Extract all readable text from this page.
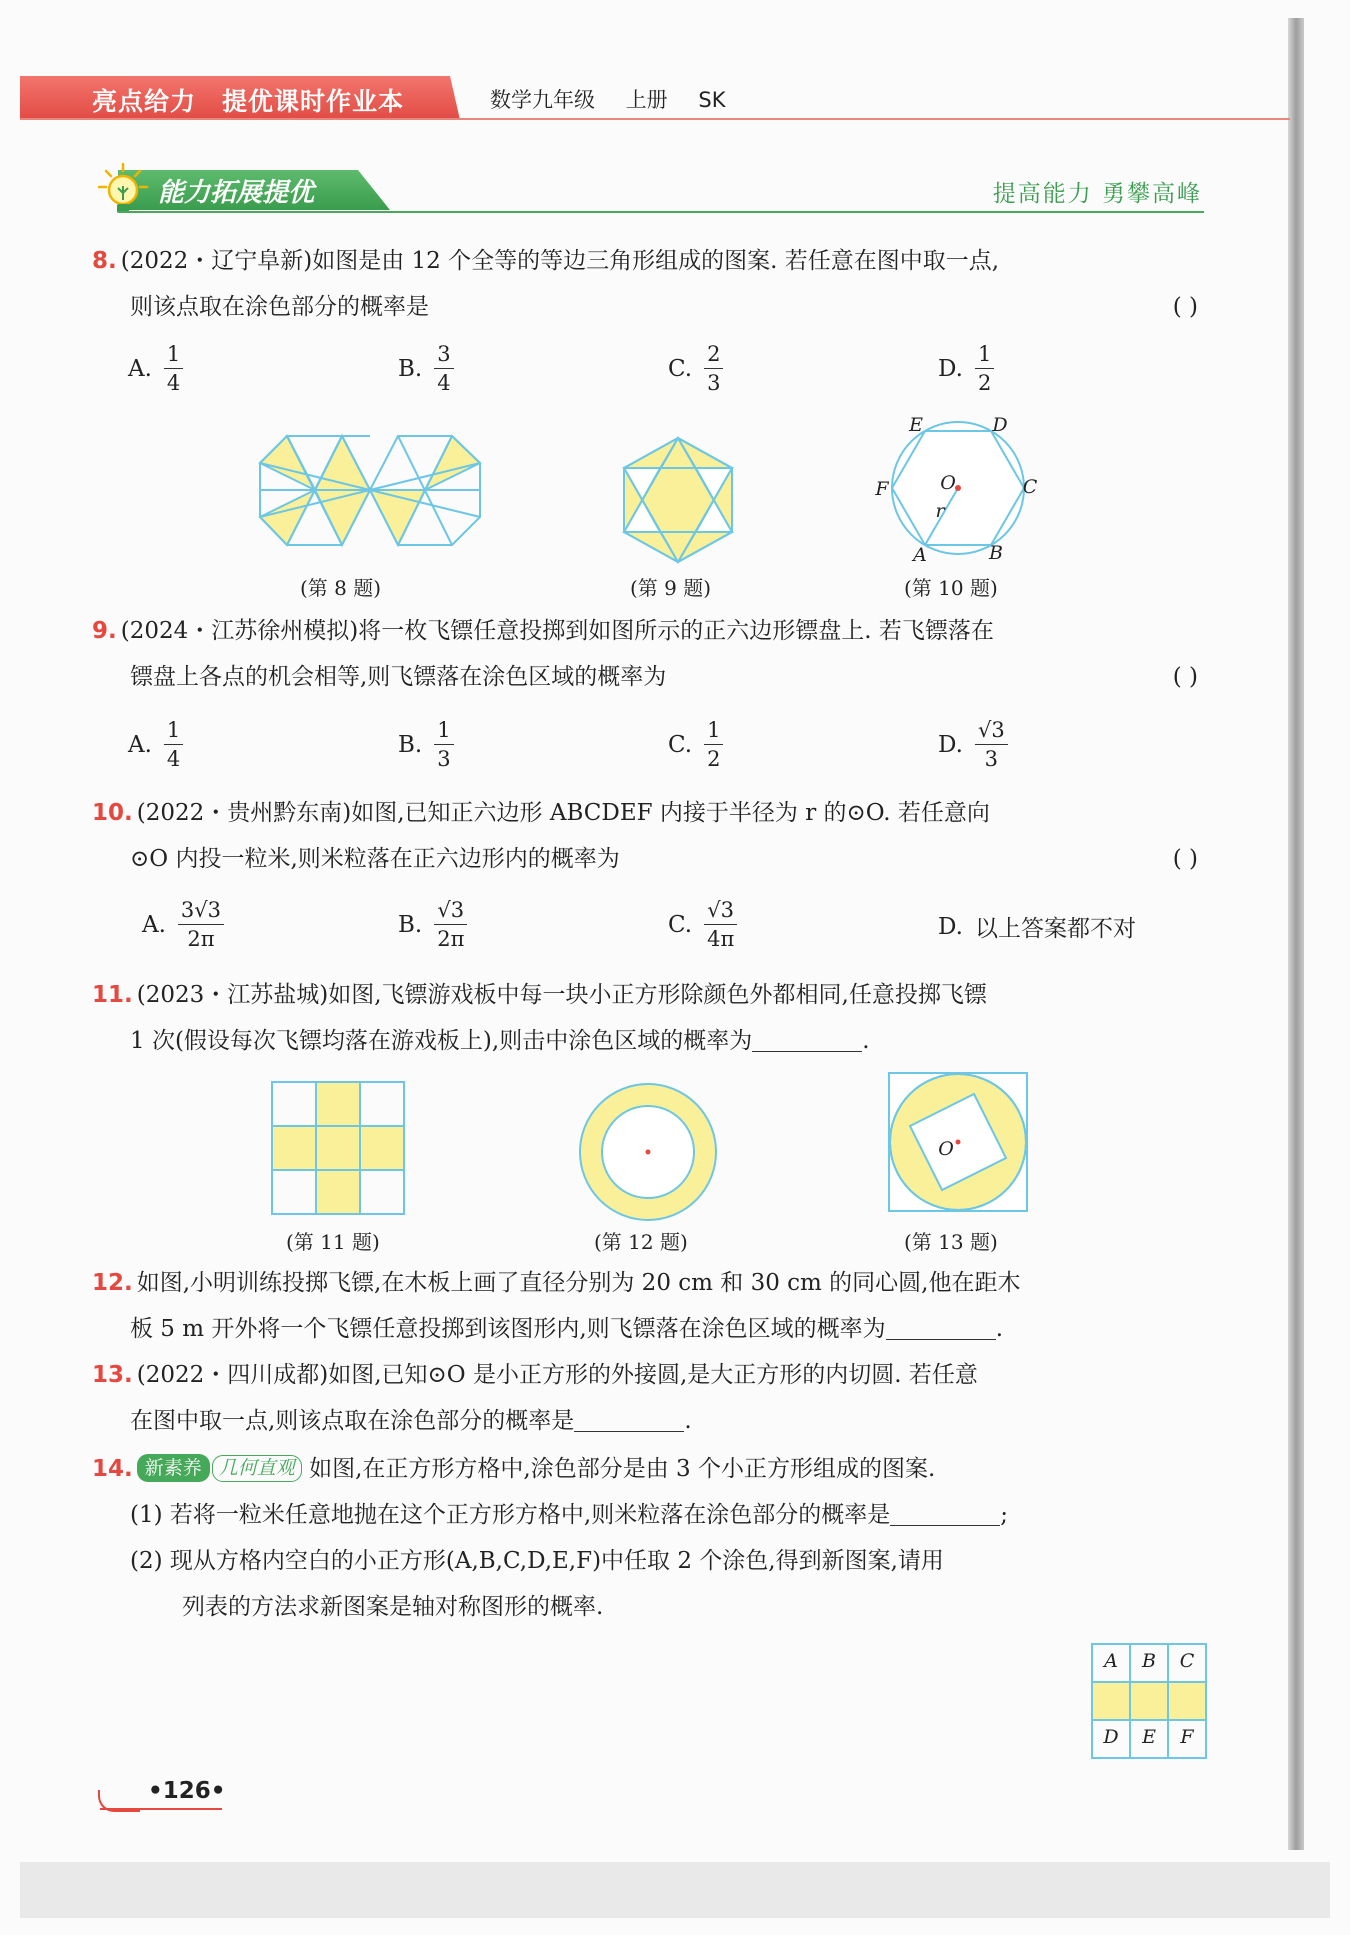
亮点给力 提优课时作业本	数学九年级 上册 SK
能力拓展提优	提高能力 勇攀高峰
8. (2022・辽宁阜新)如图是由 12 个全等的等边三角形组成的图案. 若任意在图中取一点,
则该点取在涂色部分的概率是	( )
A. $\frac{1}{4}$	B. $\frac{3}{4}$	C. $\frac{2}{3}$	D. $\frac{1}{2}$
(第 8 题)	(第 9 题)
E	D
F	C
O
r
A	B
(第 10 题)
9. (2024・江苏徐州模拟)将一枚飞镖任意投掷到如图所示的正六边形镖盘上. 若飞镖落在
镖盘上各点的机会相等,则飞镖落在涂色区域的概率为	( )
A. $\frac{1}{4}$	B. $\frac{1}{3}$	C. $\frac{1}{2}$	D. $\frac{√3}{3}$
10. (2022・贵州黔东南)如图,已知正六边形 ABCDEF 内接于半径为 r 的⊙O. 若任意向
⊙O 内投一粒米,则米粒落在正六边形内的概率为	( )
A. $\frac{3√3}{2\pi}$	B. $\frac{√3}{2\pi}$	C. $\frac{√3}{4\pi}$	D. 以上答案都不对
11. (2023・江苏盐城)如图,飞镖游戏板中每一块小正方形除颜色外都相同,任意投掷飞镖
1 次(假设每次飞镖均落在游戏板上),则击中涂色区域的概率为	.
(第 11 题)	(第 12 题)
O
(第 13 题)
12. 如图,小明训练投掷飞镖,在木板上画了直径分别为 20 cm 和 30 cm 的同心圆,他在距木
板 5 m 开外将一个飞镖任意投掷到该图形内,则飞镖落在涂色区域的概率为	.
13. (2022・四川成都)如图,已知⊙O 是小正方形的外接圆,是大正方形的内切圆. 若任意
在图中取一点,则该点取在涂色部分的概率是	.
14. 新素养 几何直观 如图,在正方形方格中,涂色部分是由 3 个小正方形组成的图案.
(1) 若将一粒米任意地抛在这个正方形方格中,则米粒落在涂色部分的概率是	;
(2) 现从方格内空白的小正方形(A,B,C,D,E,F)中任取 2 个涂色,得到新图案,请用
列表的方法求新图案是轴对称图形的概率.
A	B	C
D	E	F
•126•
